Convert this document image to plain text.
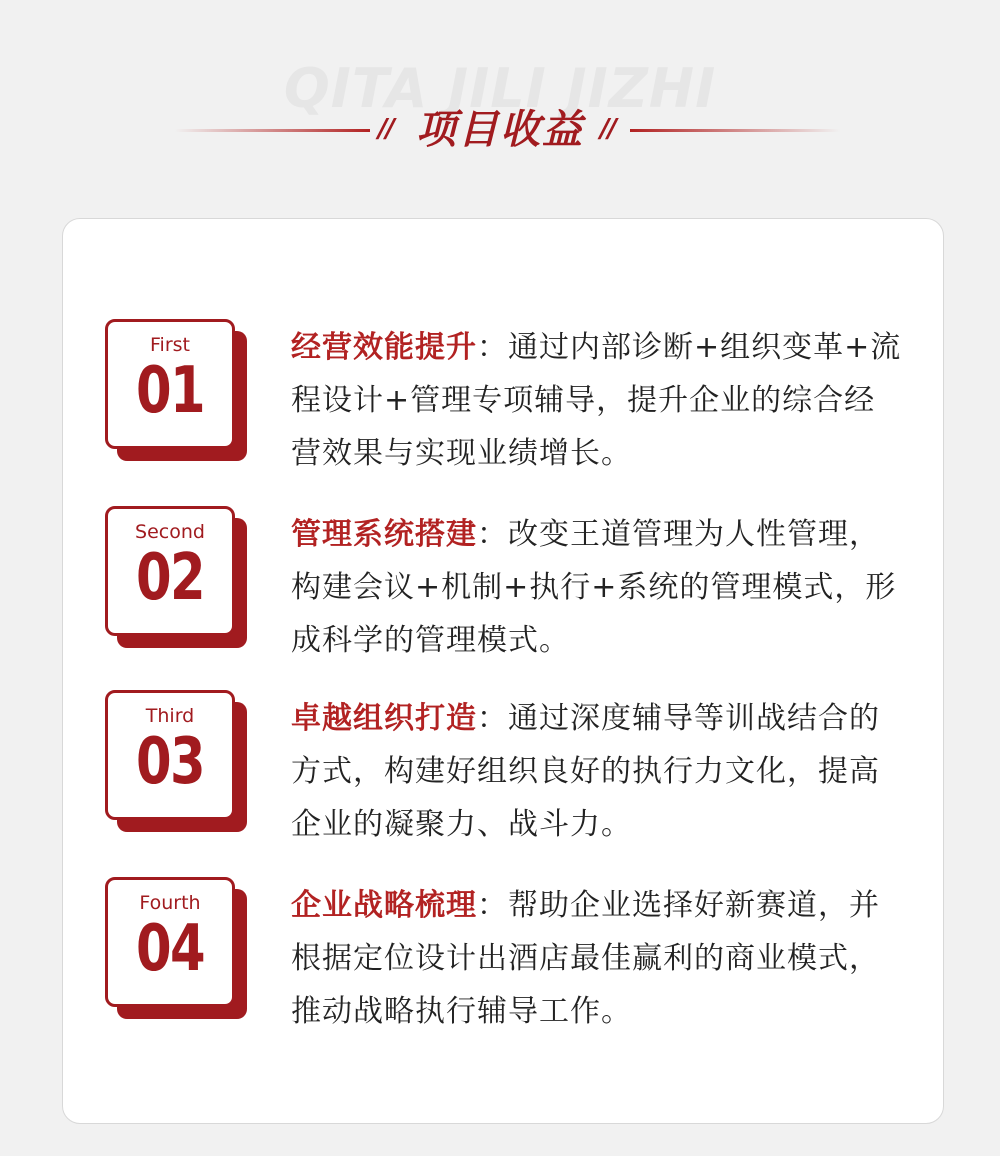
QITA JILI JIZHI
//	//
项目收益
First
01
经营效能提升：通过内部诊断+组织变革+流程设计+管理专项辅导，提升企业的综合经营效果与实现业绩增长。
Second
02
管理系统搭建：改变王道管理为人性管理，构建会议+机制+执行+系统的管理模式，形成科学的管理模式。
Third
03
卓越组织打造：通过深度辅导等训战结合的方式，构建好组织良好的执行力文化，提高企业的凝聚力、战斗力。
Fourth
04
企业战略梳理：帮助企业选择好新赛道，并根据定位设计出酒店最佳赢利的商业模式，推动战略执行辅导工作。
